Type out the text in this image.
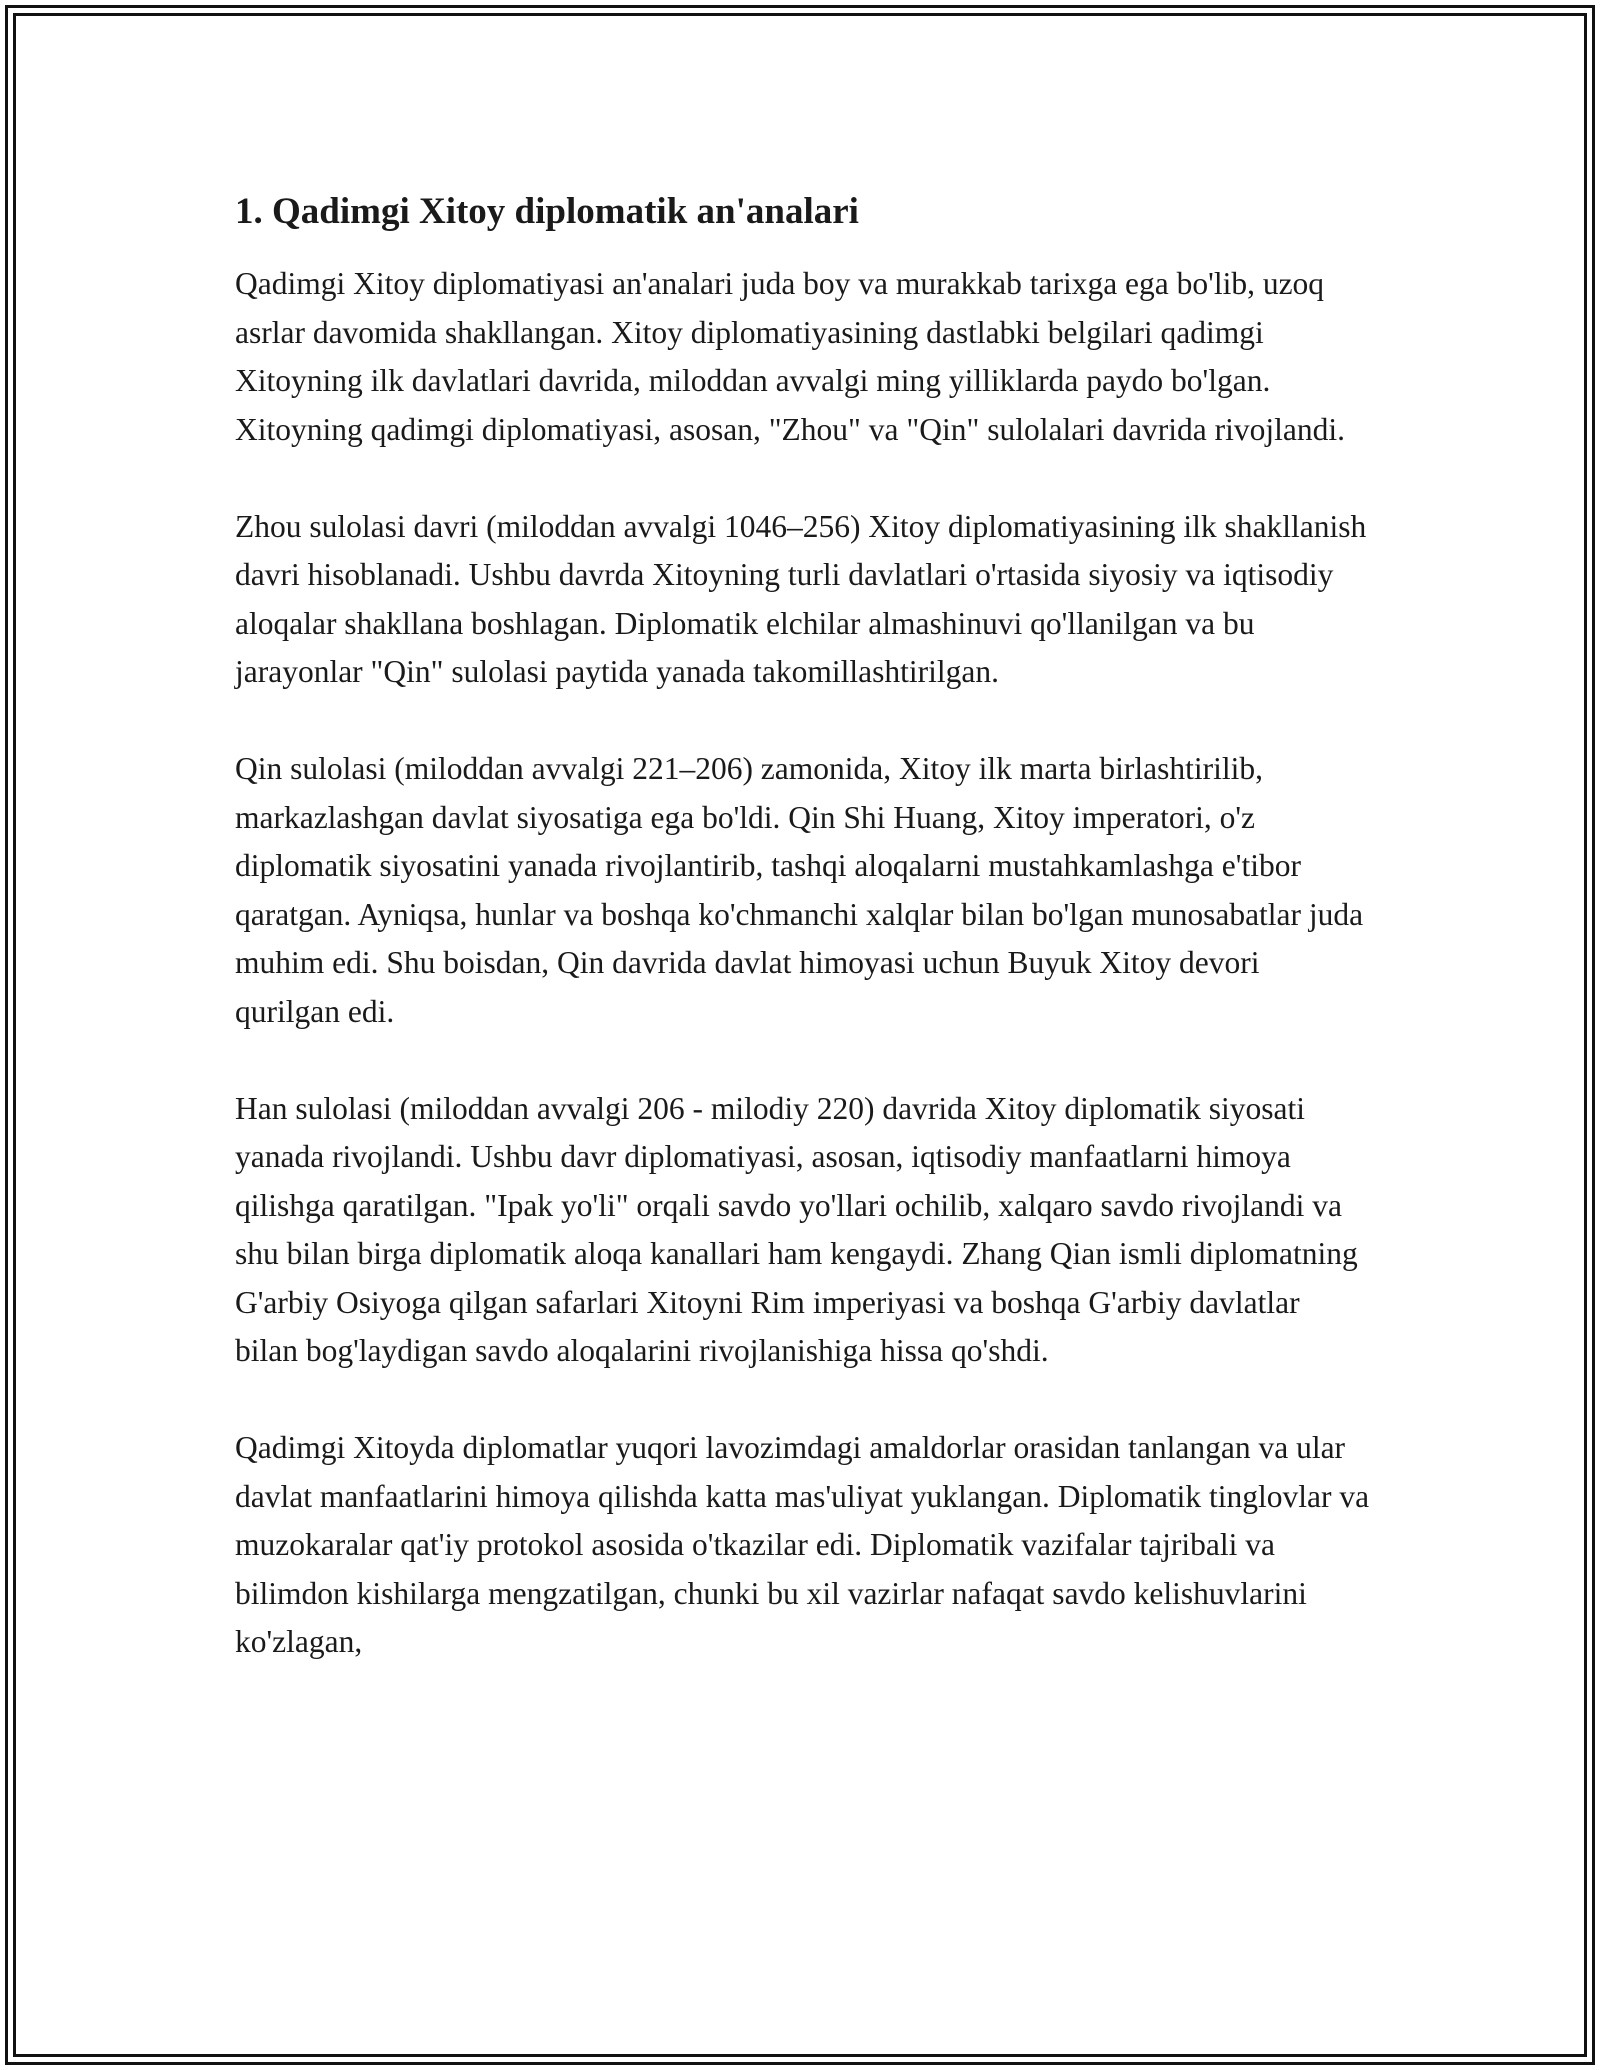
1. Qadimgi Xitoy diplomatik an'analari

Qadimgi Xitoy diplomatiyasi an'analari juda boy va murakkab tarixga ega bo'lib, uzoq asrlar davomida shakllangan. Xitoy diplomatiyasining dastlabki belgilari qadimgi Xitoyning ilk davlatlari davrida, miloddan avvalgi ming yilliklarda paydo bo'lgan. Xitoyning qadimgi diplomatiyasi, asosan, "Zhou" va "Qin" sulolalari davrida rivojlandi.

Zhou sulolasi davri (miloddan avvalgi 1046–256) Xitoy diplomatiyasining ilk shakllanish davri hisoblanadi. Ushbu davrda Xitoyning turli davlatlari o'rtasida siyosiy va iqtisodiy aloqalar shakllana boshlagan. Diplomatik elchilar almashinuvi qo'llanilgan va bu jarayonlar "Qin" sulolasi paytida yanada takomillashtirilgan.

Qin sulolasi (miloddan avvalgi 221–206) zamonida, Xitoy ilk marta birlashtirilib, markazlashgan davlat siyosatiga ega bo'ldi. Qin Shi Huang, Xitoy imperatori, o'z diplomatik siyosatini yanada rivojlantirib, tashqi aloqalarni mustahkamlashga e'tibor qaratgan. Ayniqsa, hunlar va boshqa ko'chmanchi xalqlar bilan bo'lgan munosabatlar juda muhim edi. Shu boisdan, Qin davrida davlat himoyasi uchun Buyuk Xitoy devori qurilgan edi.

Han sulolasi (miloddan avvalgi 206 - milodiy 220) davrida Xitoy diplomatik siyosati yanada rivojlandi. Ushbu davr diplomatiyasi, asosan, iqtisodiy manfaatlarni himoya qilishga qaratilgan. "Ipak yo'li" orqali savdo yo'llari ochilib, xalqaro savdo rivojlandi va shu bilan birga diplomatik aloqa kanallari ham kengaydi. Zhang Qian ismli diplomatning G'arbiy Osiyoga qilgan safarlari Xitoyni Rim imperiyasi va boshqa G'arbiy davlatlar bilan bog'laydigan savdo aloqalarini rivojlanishiga hissa qo'shdi.

Qadimgi Xitoyda diplomatlar yuqori lavozimdagi amaldorlar orasidan tanlangan va ular davlat manfaatlarini himoya qilishda katta mas'uliyat yuklangan. Diplomatik tinglovlar va muzokaralar qat'iy protokol asosida o'tkazilar edi. Diplomatik vazifalar tajribali va bilimdon kishilarga mengzatilgan, chunki bu xil vazirlar nafaqat savdo kelishuvlarini ko'zlagan,
